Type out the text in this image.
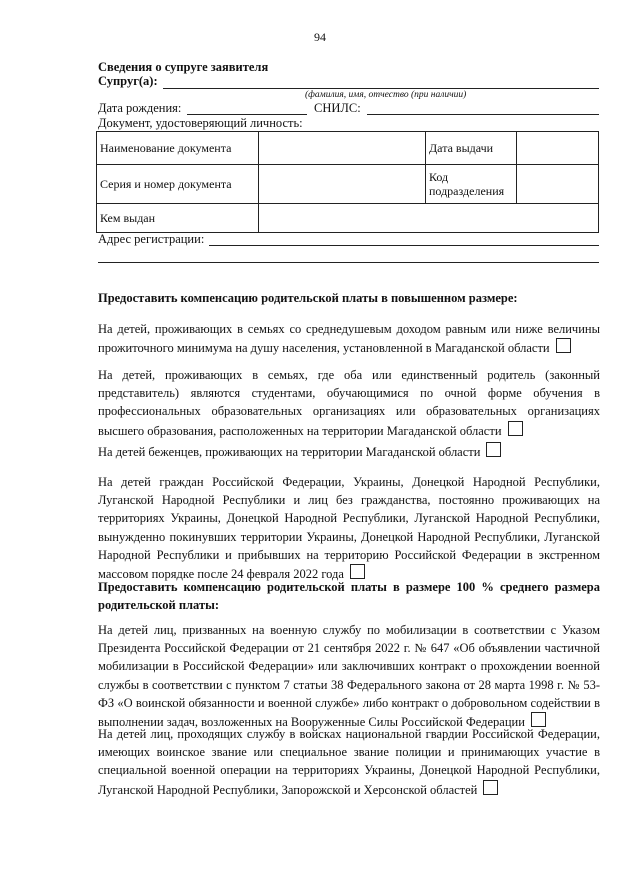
94
Сведения о супруге заявителя
Супруг(а):
(фамилия, имя, отчество (при наличии)
Дата рождения:	СНИЛС:
Документ, удостоверяющий личность:
Наименование документа		Дата выдачи	
Серия и номер документа		Код подразделения	
Кем выдан			
Адрес регистрации:
Предоставить компенсацию родительской платы в повышенном размере:
На детей, проживающих в семьях со среднедушевым доходом равным или ниже величины прожиточного минимума на душу населения, установленной в Магаданской области
На детей, проживающих в семьях, где оба или единственный родитель (законный представитель) являются студентами, обучающимися по очной форме обучения в профессиональных образовательных организациях или образовательных организациях высшего образования, расположенных на территории Магаданской области
На детей беженцев, проживающих на территории Магаданской области
На детей граждан Российской Федерации, Украины, Донецкой Народной Республики, Луганской Народной Республики и лиц без гражданства, постоянно проживающих на территориях Украины, Донецкой Народной Республики, Луганской Народной Республики, вынужденно покинувших территории Украины, Донецкой Народной Республики, Луганской Народной Республики и прибывших на территорию Российской Федерации в экстренном массовом порядке после 24 февраля 2022 года
Предоставить компенсацию родительской платы в размере 100 % среднего размера родительской платы:
На детей лиц, призванных на военную службу по мобилизации в соответствии с Указом Президента Российской Федерации от 21 сентября 2022 г. № 647 «Об объявлении частичной мобилизации в Российской Федерации» или заключивших контракт о прохождении военной службы в соответствии с пунктом 7 статьи 38 Федерального закона от 28 марта 1998 г. № 53-ФЗ «О воинской обязанности и военной службе» либо контракт о добровольном содействии в выполнении задач, возложенных на Вооруженные Силы Российской Федерации
На детей лиц, проходящих службу в войсках национальной гвардии Российской Федерации, имеющих воинское звание или специальное звание полиции и принимающих участие в специальной военной операции на территориях Украины, Донецкой Народной Республики, Луганской Народной Республики, Запорожской и Херсонской областей
